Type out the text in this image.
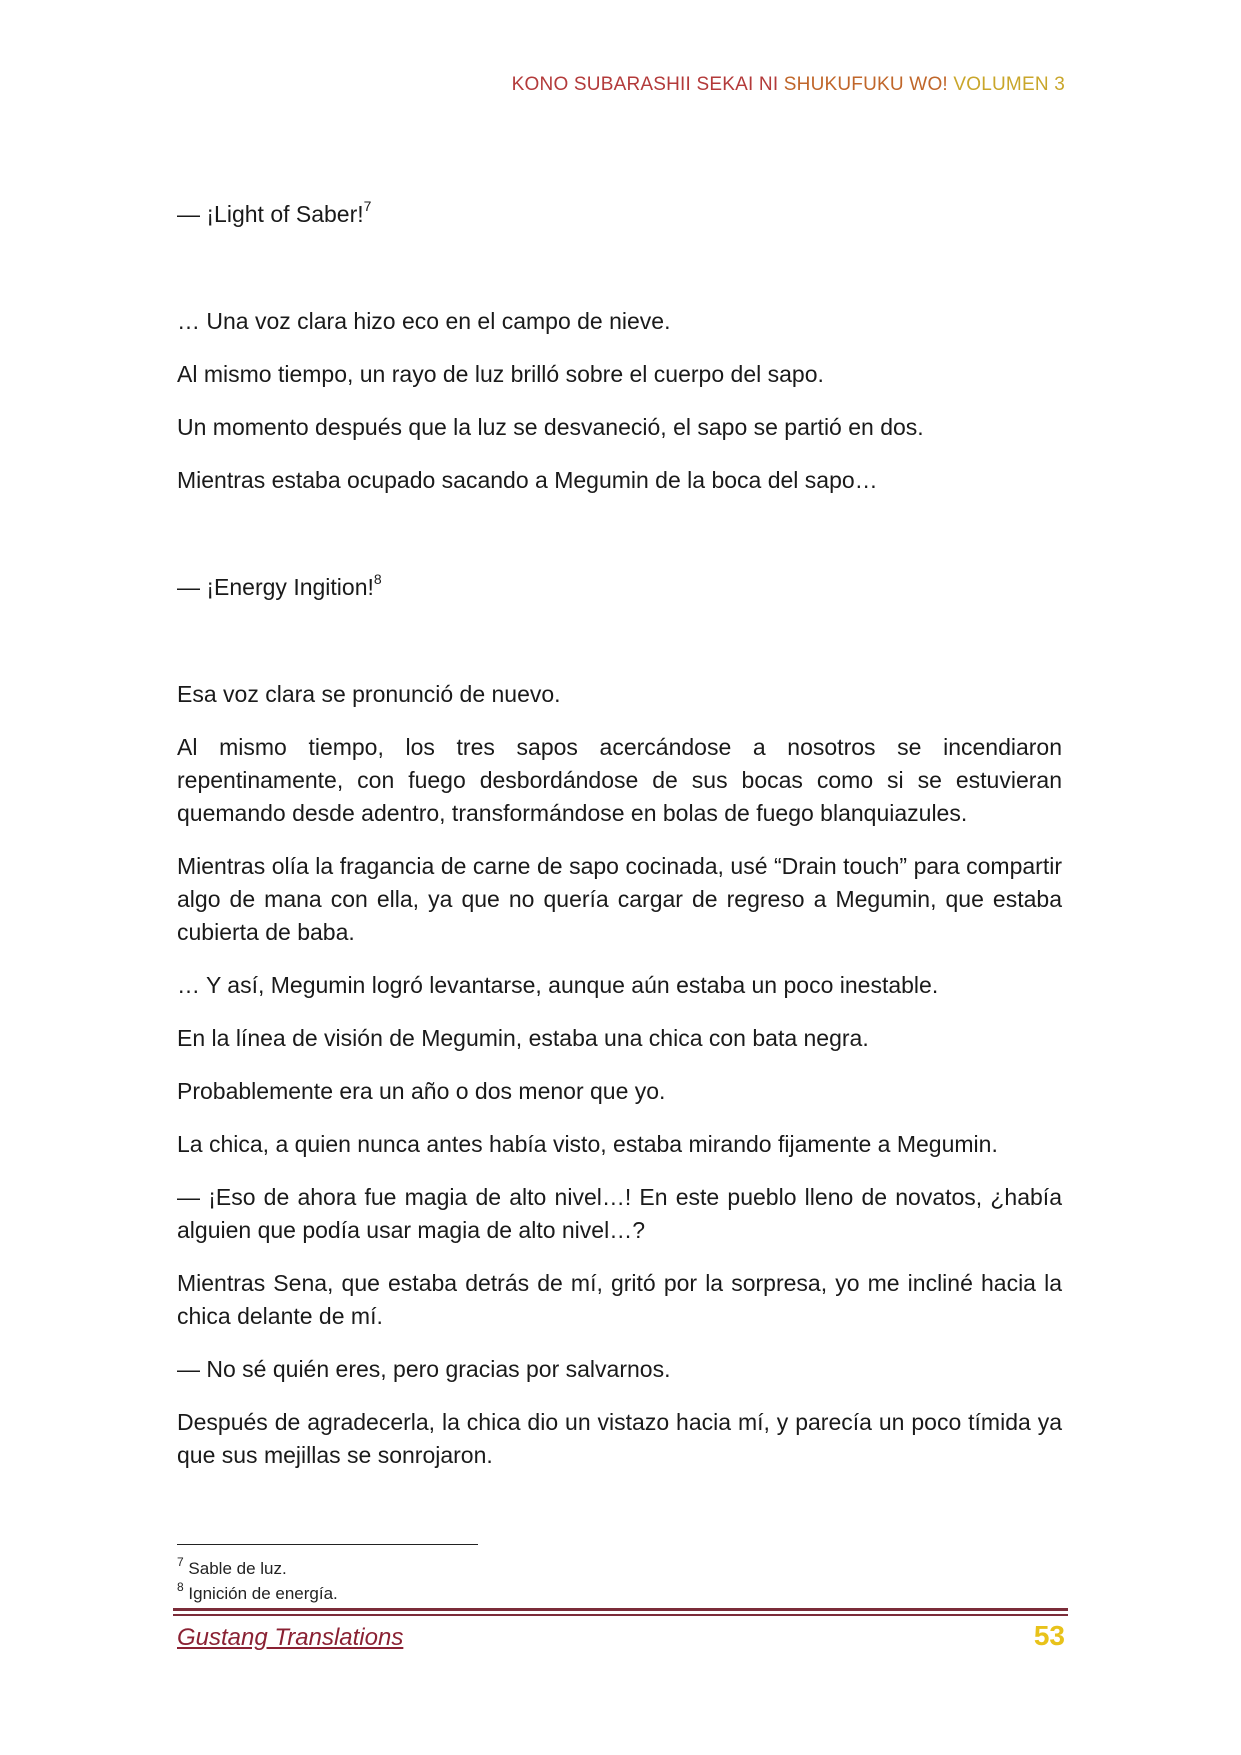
KONO SUBARASHII SEKAI NI SHUKUFUKU WO! VOLUMEN 3

— ¡Light of Saber!$^7$

… Una voz clara hizo eco en el campo de nieve.

Al mismo tiempo, un rayo de luz brilló sobre el cuerpo del sapo.

Un momento después que la luz se desvaneció, el sapo se partió en dos.

Mientras estaba ocupado sacando a Megumin de la boca del sapo…

— ¡Energy Ingition!$^8$

Esa voz clara se pronunció de nuevo.

Al mismo tiempo, los tres sapos acercándose a nosotros se incendiaron repentinamente, con fuego desbordándose de sus bocas como si se estuvieran quemando desde adentro, transformándose en bolas de fuego blanquiazules.

Mientras olía la fragancia de carne de sapo cocinada, usé “Drain touch” para compartir algo de mana con ella, ya que no quería cargar de regreso a Megumin, que estaba cubierta de baba.

… Y así, Megumin logró levantarse, aunque aún estaba un poco inestable.

En la línea de visión de Megumin, estaba una chica con bata negra.

Probablemente era un año o dos menor que yo.

La chica, a quien nunca antes había visto, estaba mirando fijamente a Megumin.

— ¡Eso de ahora fue magia de alto nivel…! En este pueblo lleno de novatos, ¿había alguien que podía usar magia de alto nivel…?

Mientras Sena, que estaba detrás de mí, gritó por la sorpresa, yo me incliné hacia la chica delante de mí.

— No sé quién eres, pero gracias por salvarnos.

Después de agradecerla, la chica dio un vistazo hacia mí, y parecía un poco tímida ya que sus mejillas se sonrojaron.

$^7$ Sable de luz.
$^8$ Ignición de energía.
Gustang Translations	53
